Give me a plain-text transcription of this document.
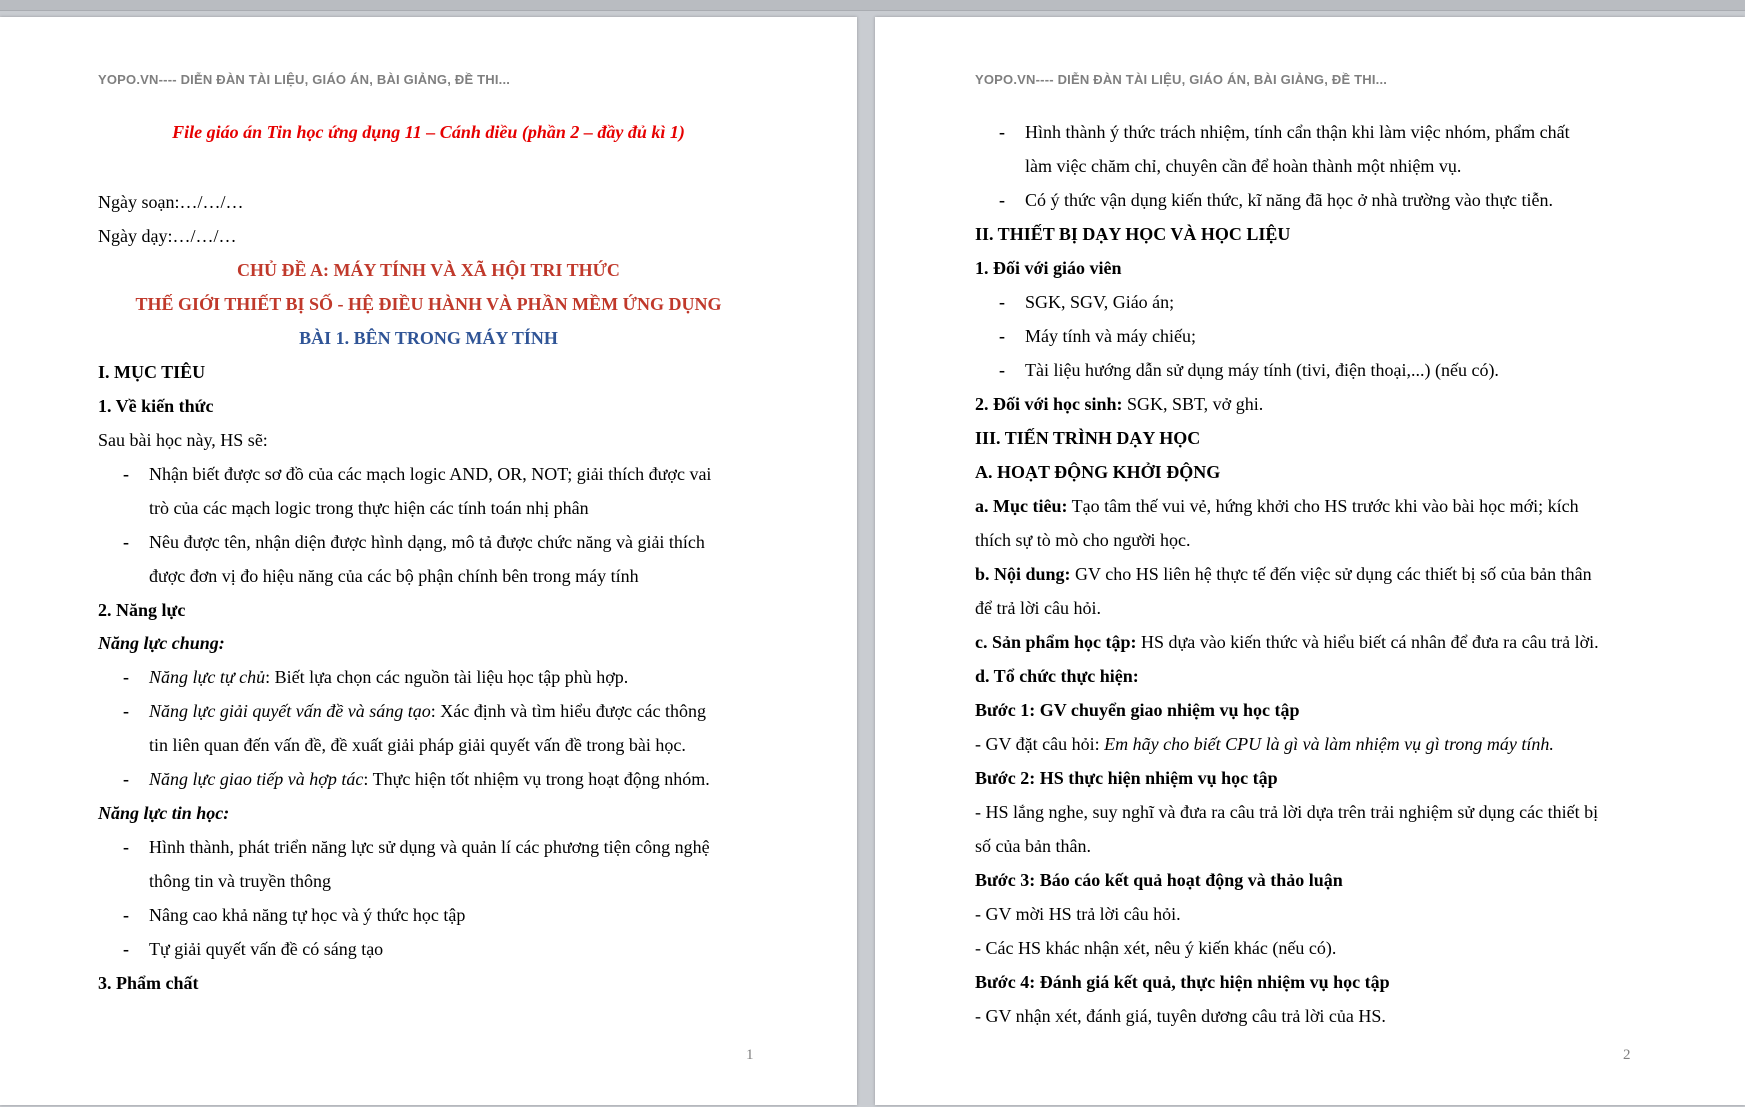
YOPO.VN---- DIỄN ĐÀN TÀI LIỆU, GIÁO ÁN, BÀI GIẢNG, ĐỀ THI...
File giáo án Tin học ứng dụng 11 – Cánh diều (phần 2 – đầy đủ kì 1)
Ngày soạn:…/…/…
Ngày dạy:…/…/…
CHỦ ĐỀ A: MÁY TÍNH VÀ XÃ HỘI TRI THỨC
THẾ GIỚI THIẾT BỊ SỐ - HỆ ĐIỀU HÀNH VÀ PHẦN MỀM ỨNG DỤNG
BÀI 1. BÊN TRONG MÁY TÍNH
I. MỤC TIÊU
1. Về kiến thức
Sau bài học này, HS sẽ:
- Nhận biết được sơ đồ của các mạch logic AND, OR, NOT; giải thích được vai
trò của các mạch logic trong thực hiện các tính toán nhị phân
- Nêu được tên, nhận diện được hình dạng, mô tả được chức năng và giải thích
được đơn vị đo hiệu năng của các bộ phận chính bên trong máy tính
2. Năng lực
Năng lực chung:
- Năng lực tự chủ: Biết lựa chọn các nguồn tài liệu học tập phù hợp.
- Năng lực giải quyết vấn đề và sáng tạo: Xác định và tìm hiểu được các thông
tin liên quan đến vấn đề, đề xuất giải pháp giải quyết vấn đề trong bài học.
- Năng lực giao tiếp và hợp tác: Thực hiện tốt nhiệm vụ trong hoạt động nhóm.
Năng lực tin học:
- Hình thành, phát triển năng lực sử dụng và quản lí các phương tiện công nghệ
thông tin và truyền thông
- Nâng cao khả năng tự học và ý thức học tập
- Tự giải quyết vấn đề có sáng tạo
3. Phẩm chất
1
YOPO.VN---- DIỄN ĐÀN TÀI LIỆU, GIÁO ÁN, BÀI GIẢNG, ĐỀ THI...
- Hình thành ý thức trách nhiệm, tính cẩn thận khi làm việc nhóm, phẩm chất
làm việc chăm chỉ, chuyên cần để hoàn thành một nhiệm vụ.
- Có ý thức vận dụng kiến thức, kĩ năng đã học ở nhà trường vào thực tiễn.
II. THIẾT BỊ DẠY HỌC VÀ HỌC LIỆU
1. Đối với giáo viên
- SGK, SGV, Giáo án;
- Máy tính và máy chiếu;
- Tài liệu hướng dẫn sử dụng máy tính (tivi, điện thoại,...) (nếu có).
2. Đối với học sinh: SGK, SBT, vở ghi.
III. TIẾN TRÌNH DẠY HỌC
A. HOẠT ĐỘNG KHỞI ĐỘNG
a. Mục tiêu: Tạo tâm thế vui vẻ, hứng khởi cho HS trước khi vào bài học mới; kích
thích sự tò mò cho người học.
b. Nội dung: GV cho HS liên hệ thực tế đến việc sử dụng các thiết bị số của bản thân
để trả lời câu hỏi.
c. Sản phẩm học tập: HS dựa vào kiến thức và hiểu biết cá nhân để đưa ra câu trả lời.
d. Tổ chức thực hiện:
Bước 1: GV chuyển giao nhiệm vụ học tập
- GV đặt câu hỏi: Em hãy cho biết CPU là gì và làm nhiệm vụ gì trong máy tính.
Bước 2: HS thực hiện nhiệm vụ học tập
- HS lắng nghe, suy nghĩ và đưa ra câu trả lời dựa trên trải nghiệm sử dụng các thiết bị
số của bản thân.
Bước 3: Báo cáo kết quả hoạt động và thảo luận
- GV mời HS trả lời câu hỏi.
- Các HS khác nhận xét, nêu ý kiến khác (nếu có).
Bước 4: Đánh giá kết quả, thực hiện nhiệm vụ học tập
- GV nhận xét, đánh giá, tuyên dương câu trả lời của HS.
2
